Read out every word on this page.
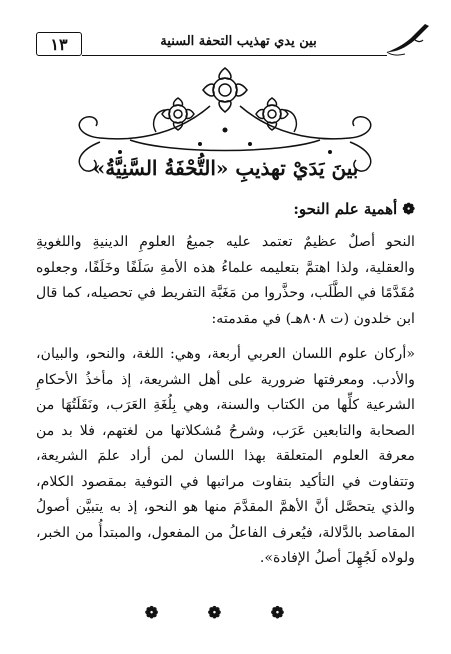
١٣	بين يدي تهذيب التحفة السنية
بينَ يَدَيْ تهذيبِ «التُّحْفَةُ السَّنِيَّةُ»

❁ أهمية علم النحو:

النحو أصلٌ عظيمٌ تعتمد عليه جميعُ العلومِ الدينيةِ واللغويةِ والعقلية، ولذا اهتمَّ بتعليمه علماءُ هذه الأمةِ سَلَفًا وخَلَفًا، وجعلوه مُقَدَّمًا في الطَّلَب، وحذَّروا من مَغَبَّة التفريط في تحصيله، كما قال ابن خلدون (ت ٨٠٨هـ) في مقدمته:

«أركان علوم اللسان العربي أربعة، وهي: اللغة، والنحو، والبيان، والأدب. ومعرفتها ضرورية على أهل الشريعة، إذ مأخذُ الأحكامِ الشرعية كلِّها من الكتاب والسنة، وهي بِلُغَةِ العَرَب، ونَقَلَتُهَا من الصحابة والتابعين عَرَب، وشرحُ مُشكلاتها من لغتهم، فلا بد من معرفة العلوم المتعلقة بهذا اللسان لمن أراد علمَ الشريعة، وتتفاوت في التأكيد بتفاوت مراتبها في التوفية بمقصود الكلام، والذي يتحصَّل أنَّ الأهمَّ المقدَّمَ منها هو النحو، إذ به يتبيَّن أصولُ المقاصد بالدَّلالة، فيُعرف الفاعلُ من المفعول، والمبتدأُ من الخبر، ولولاه لَجُهِلَ أصلُ الإفادة».

❁ ❁ ❁
